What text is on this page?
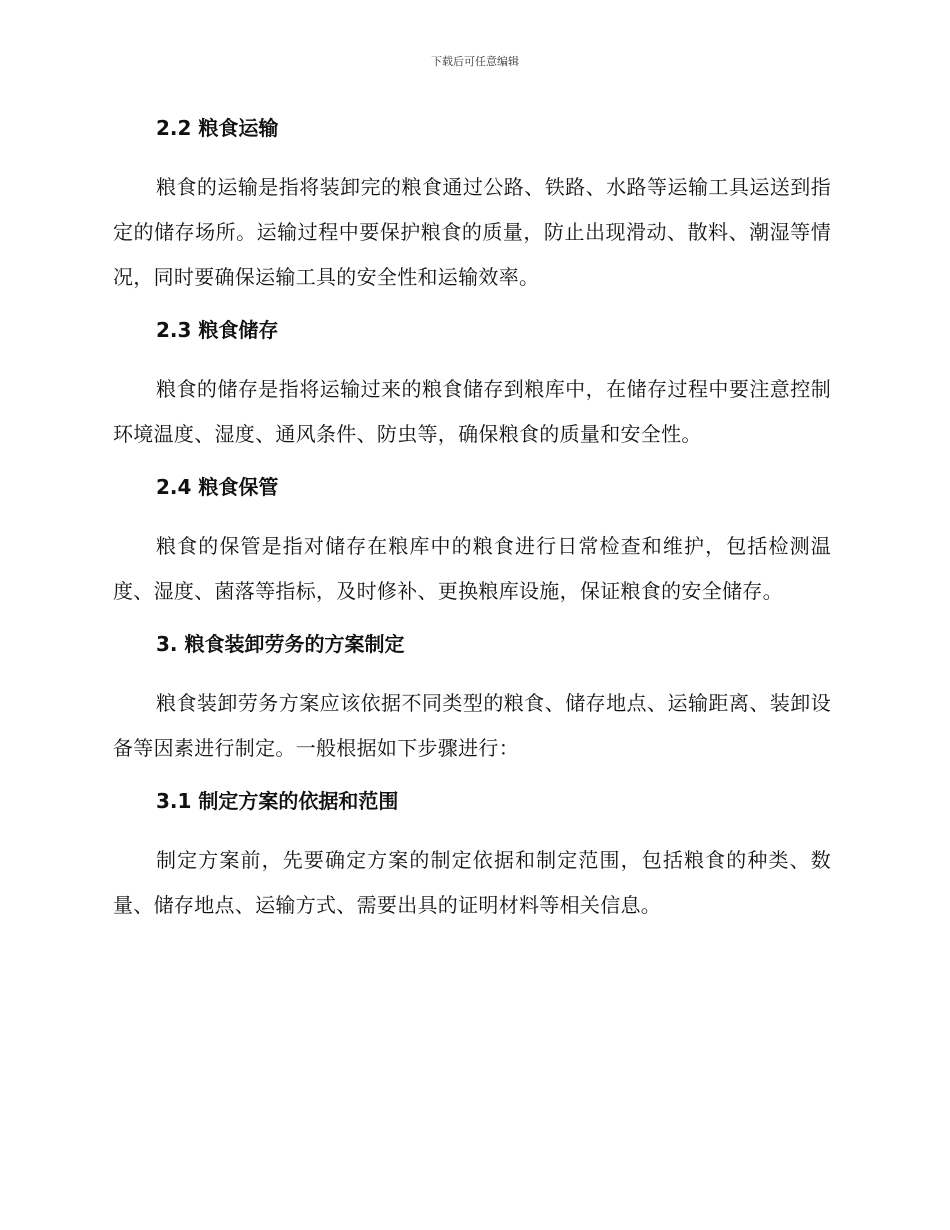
下载后可任意编辑
2.2 粮食运输

粮食的运输是指将装卸完的粮食通过公路、铁路、水路等运输工具运送到指定的储存场所。运输过程中要保护粮食的质量，防止出现滑动、散料、潮湿等情况，同时要确保运输工具的安全性和运输效率。

2.3 粮食储存

粮食的储存是指将运输过来的粮食储存到粮库中，在储存过程中要注意控制环境温度、湿度、通风条件、防虫等，确保粮食的质量和安全性。

2.4 粮食保管

粮食的保管是指对储存在粮库中的粮食进行日常检查和维护，包括检测温度、湿度、菌落等指标，及时修补、更换粮库设施，保证粮食的安全储存。

3. 粮食装卸劳务的方案制定

粮食装卸劳务方案应该依据不同类型的粮食、储存地点、运输距离、装卸设备等因素进行制定。一般根据如下步骤进行：

3.1 制定方案的依据和范围

制定方案前，先要确定方案的制定依据和制定范围，包括粮食的种类、数量、储存地点、运输方式、需要出具的证明材料等相关信息。
